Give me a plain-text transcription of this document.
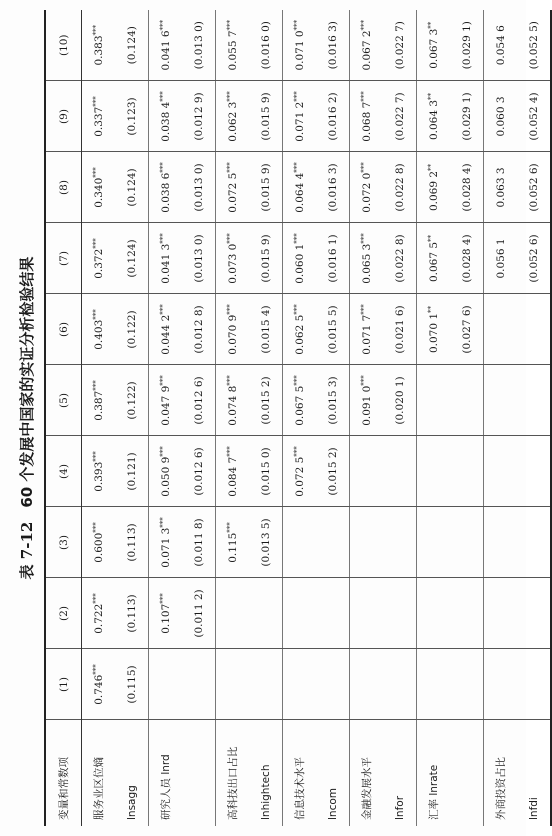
表 7-1260 个发展中国家的实证分析检验结果
变量和常数项	(1)	(2)	(3)	(4)	(5)	(6)	(7)	(8)	(9)	(10)
服务业区位熵	0.746***	0.722***	0.600***	0.393***	0.387***	0.403***	0.372***	0.340***	0.337***	0.383***
lnsagg	(0.115)	(0.113)	(0.113)	(0.121)	(0.122)	(0.122)	(0.124)	(0.124)	(0.123)	(0.124)
研究人员 lnrd		0.107***	0.071 3***	0.050 9***	0.047 9***	0.044 2***	0.041 3***	0.038 6***	0.038 4***	0.041 6***
		(0.011 2)	(0.011 8)	(0.012 6)	(0.012 6)	(0.012 8)	(0.013 0)	(0.013 0)	(0.012 9)	(0.013 0)
高科技出口占比			0.115***	0.084 7***	0.074 8***	0.070 9***	0.073 0***	0.072 5***	0.062 3***	0.055 7***
lnhightech			(0.013 5)	(0.015 0)	(0.015 2)	(0.015 4)	(0.015 9)	(0.015 9)	(0.015 9)	(0.016 0)
信息技术水平				0.072 5***	0.067 5***	0.062 5***	0.060 1***	0.064 4***	0.071 2***	0.071 0***
lncom				(0.015 2)	(0.015 3)	(0.015 5)	(0.016 1)	(0.016 3)	(0.016 2)	(0.016 3)
金融发展水平					0.091 0***	0.071 7***	0.065 3***	0.072 0***	0.068 7***	0.067 2***
lnfor					(0.020 1)	(0.021 6)	(0.022 8)	(0.022 8)	(0.022 7)	(0.022 7)
汇率 lnrate						0.070 1**	0.067 5**	0.069 2**	0.064 3**	0.067 3**
						(0.027 6)	(0.028 4)	(0.028 4)	(0.029 1)	(0.029 1)
外商投资占比							0.056 1	0.063 3	0.060 3	0.054 6
lnfdi							(0.052 6)	(0.052 6)	(0.052 4)	(0.052 5)
